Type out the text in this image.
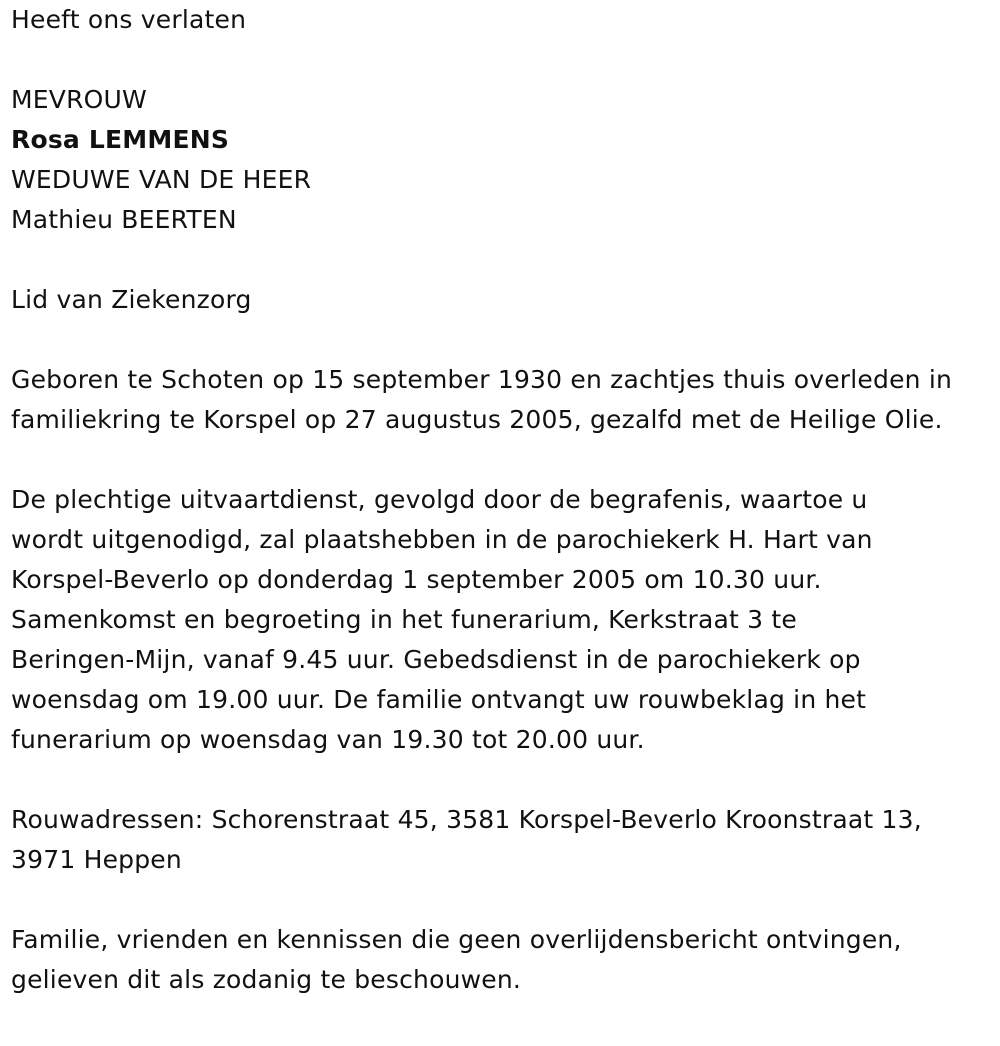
Heeft ons verlaten
MEVROUW
Rosa LEMMENS
WEDUWE VAN DE HEER
Mathieu BEERTEN
Lid van Ziekenzorg
Geboren te Schoten op 15 september 1930 en zachtjes thuis overleden in
familiekring te Korspel op 27 augustus 2005, gezalfd met de Heilige Olie.
De plechtige uitvaartdienst, gevolgd door de begrafenis, waartoe u
wordt uitgenodigd, zal plaatshebben in de parochiekerk H. Hart van
Korspel-Beverlo op donderdag 1 september 2005 om 10.30 uur.
Samenkomst en begroeting in het funerarium, Kerkstraat 3 te
Beringen-Mijn, vanaf 9.45 uur. Gebedsdienst in de parochiekerk op
woensdag om 19.00 uur. De familie ontvangt uw rouwbeklag in het
funerarium op woensdag van 19.30 tot 20.00 uur.
Rouwadressen: Schorenstraat 45, 3581 Korspel-Beverlo Kroonstraat 13,
3971 Heppen
Familie, vrienden en kennissen die geen overlijdensbericht ontvingen,
gelieven dit als zodanig te beschouwen.
